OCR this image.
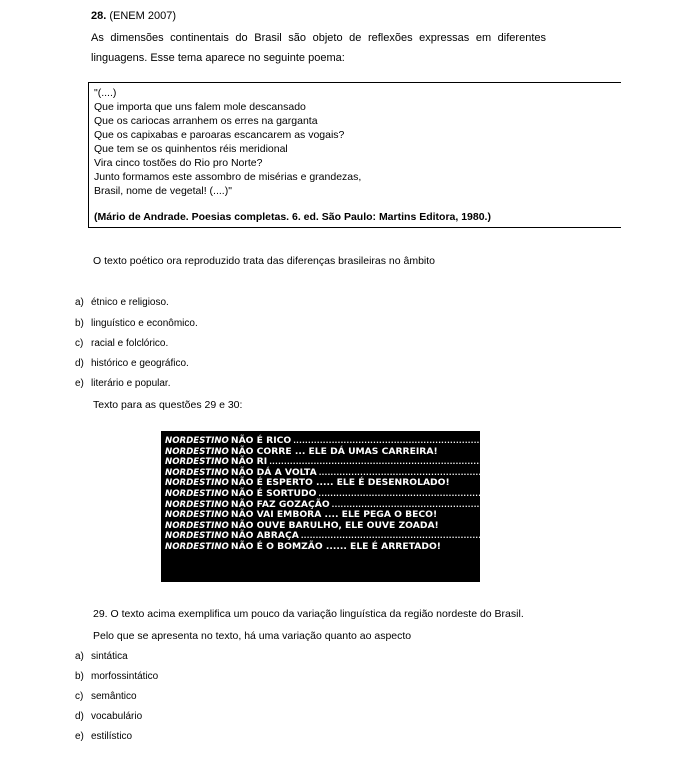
28. (ENEM 2007)
As dimensões continentais do Brasil são objeto de reflexões expressas em diferentes linguagens. Esse tema aparece no seguinte poema:
"(....)
Que importa que uns falem mole descansado
Que os cariocas arranhem os erres na garganta
Que os capixabas e paroaras escancarem as vogais?
Que tem se os quinhentos réis meridional
Vira cinco tostões do Rio pro Norte?
Junto formamos este assombro de misérias e grandezas,
Brasil, nome de vegetal! (....)"
(Mário de Andrade. Poesias completas. 6. ed. São Paulo: Martins Editora, 1980.)
O texto poético ora reproduzido trata das diferenças brasileiras no âmbito
a) étnico e religioso.
b) linguístico e econômico.
c) racial e folclórico.
d) histórico e geográfico.
e) literário e popular.
Texto para as questões 29 e 30:
NORDESTINO NÃO É RICO ............................................................................................... ELE É ESTRIBADO!
NORDESTINO NÃO CORRE ... ELE DÁ UMAS CARREIRA!
NORDESTINO NÃO RI ............................................................................................... ELE SE ABRE!
NORDESTINO NÃO DÁ A VOLTA ............................................................................................... ELE ARRODEIA!
NORDESTINO NÃO É ESPERTO ..... ELE É DESENROLADO!
NORDESTINO NÃO É SORTUDO ............................................................................................... ELE É CAGADO!
NORDESTINO NÃO FAZ GOZAÇÃO ............................................................................................... ELE FRESCA!
NORDESTINO NÃO VAI EMBORA .... ELE PEGA O BECO!
NORDESTINO NÃO OUVE BARULHO, ELE OUVE ZOADA!
NORDESTINO NÃO ABRAÇA ............................................................................................... ELE ARROCHA!
NORDESTINO NÃO É O BOMZÃO ...... ELE É ARRETADO!
29. O texto acima exemplifica um pouco da variação linguística da região nordeste do Brasil.
Pelo que se apresenta no texto, há uma variação quanto ao aspecto
a) sintática
b) morfossintático
c) semântico
d) vocabulário
e) estilístico
